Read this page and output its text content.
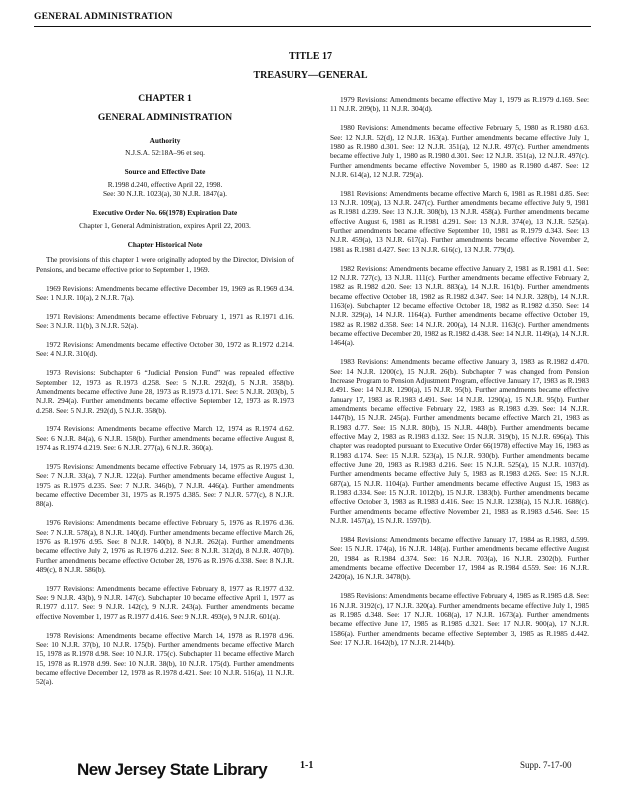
GENERAL ADMINISTRATION
TITLE 17
TREASURY—GENERAL
CHAPTER 1
GENERAL ADMINISTRATION
Authority
N.J.S.A. 52:18A–96 et seq.
Source and Effective Date
R.1998 d.240, effective April 22, 1998.
See: 30 N.J.R. 1023(a), 30 N.J.R. 1847(a).
Executive Order No. 66(1978) Expiration Date
Chapter 1, General Administration, expires April 22, 2003.
Chapter Historical Note

The provisions of this chapter 1 were originally adopted by the Director, Division of Pensions, and became effective prior to September 1, 1969.

1969 Revisions: Amendments became effective December 19, 1969 as R.1969 d.34. See: 1 N.J.R. 10(a), 2 N.J.R. 7(a).

1971 Revisions: Amendments became effective February 1, 1971 as R.1971 d.16. See: 3 N.J.R. 11(b), 3 N.J.R. 52(a).

1972 Revisions: Amendments became effective October 30, 1972 as R.1972 d.214. See: 4 N.J.R. 310(d).

1973 Revisions: Subchapter 6 “Judicial Pension Fund” was repealed effective September 12, 1973 as R.1973 d.258. See: 5 N.J.R. 292(d), 5 N.J.R. 358(b). Amendments became effective June 28, 1973 as R.1973 d.171. See: 5 N.J.R. 203(b), 5 N.J.R. 294(a). Further amendments became effective September 12, 1973 as R.1973 d.258. See: 5 N.J.R. 292(d), 5 N.J.R. 358(b).

1974 Revisions: Amendments became effective March 12, 1974 as R.1974 d.62. See: 6 N.J.R. 84(a), 6 N.J.R. 158(b). Further amendments became effective August 8, 1974 as R.1974 d.219. See: 6 N.J.R. 277(a), 6 N.J.R. 360(a).

1975 Revisions: Amendments became effective February 14, 1975 as R.1975 d.30. See: 7 N.J.R. 33(a), 7 N.J.R. 122(a). Further amendments became effective August 1, 1975 as R.1975 d.235. See: 7 N.J.R. 346(b), 7 N.J.R. 446(a). Further amendments became effective December 31, 1975 as R.1975 d.385. See: 7 N.J.R. 577(c), 8 N.J.R. 88(a).

1976 Revisions: Amendments became effective February 5, 1976 as R.1976 d.36. See: 7 N.J.R. 578(a), 8 N.J.R. 140(d). Further amendments became effective March 26, 1976 as R.1976 d.95. See: 8 N.J.R. 140(b), 8 N.J.R. 262(a). Further amendments became effective July 2, 1976 as R.1976 d.212. See: 8 N.J.R. 312(d), 8 N.J.R. 407(b). Further amendments became effective October 28, 1976 as R.1976 d.338. See: 8 N.J.R. 489(c), 8 N.J.R. 586(b).

1977 Revisions: Amendments became effective February 8, 1977 as R.1977 d.32. See: 9 N.J.R. 43(b), 9 N.J.R. 147(c). Subchapter 10 became effective April 1, 1977 as R.1977 d.117. See: 9 N.J.R. 142(c), 9 N.J.R. 243(a). Further amendments became effective November 1, 1977 as R.1977 d.416. See: 9 N.J.R. 493(e), 9 N.J.R. 601(a).

1978 Revisions: Amendments became effective March 14, 1978 as R.1978 d.96. See: 10 N.J.R. 37(b), 10 N.J.R. 175(b). Further amendments became effective March 15, 1978 as R.1978 d.98. See: 10 N.J.R. 175(c). Subchapter 11 became effective March 15, 1978 as R.1978 d.99. See: 10 N.J.R. 38(b), 10 N.J.R. 175(d). Further amendments became effective December 12, 1978 as R.1978 d.421. See: 10 N.J.R. 516(a), 11 N.J.R. 52(a).

1979 Revisions: Amendments became effective May 1, 1979 as R.1979 d.169. See: 11 N.J.R. 209(b), 11 N.J.R. 304(d).

1980 Revisions: Amendments became effective February 5, 1980 as R.1980 d.63. See: 12 N.J.R. 52(d), 12 N.J.R. 163(a). Further amendments became effective July 1, 1980 as R.1980 d.301. See: 12 N.J.R. 351(a), 12 N.J.R. 497(c). Further amendments became effective July 1, 1980 as R.1980 d.301. See: 12 N.J.R. 351(a), 12 N.J.R. 497(c). Further amendments became effective November 5, 1980 as R.1980 d.487. See: 12 N.J.R. 614(a), 12 N.J.R. 729(a).

1981 Revisions: Amendments became effective March 6, 1981 as R.1981 d.85. See: 13 N.J.R. 109(a), 13 N.J.R. 247(c). Further amendments became effective July 9, 1981 as R.1981 d.239. See: 13 N.J.R. 308(b), 13 N.J.R. 458(a). Further amendments became effective August 6, 1981 as R.1981 d.291. See: 13 N.J.R. 374(e), 13 N.J.R. 525(a). Further amendments became effective September 10, 1981 as R.1979 d.343. See: 13 N.J.R. 459(a), 13 N.J.R. 617(a). Further amendments became effective November 2, 1981 as R.1981 d.427. See: 13 N.J.R. 616(c), 13 N.J.R. 779(d).

1982 Revisions: Amendments became effective January 2, 1981 as R.1981 d.1. See: 12 N.J.R. 727(c), 13 N.J.R. 111(c). Further amendments became effective February 2, 1982 as R.1982 d.20. See: 13 N.J.R. 883(a), 14 N.J.R. 161(b). Further amendments became effective October 18, 1982 as R.1982 d.347. See: 14 N.J.R. 328(b), 14 N.J.R. 1163(e). Subchapter 12 became effective October 18, 1982 as R.1982 d.350. See: 14 N.J.R. 329(a), 14 N.J.R. 1164(a). Further amendments became effective October 19, 1982 as R.1982 d.358. See: 14 N.J.R. 200(a), 14 N.J.R. 1163(c). Further amendments became effective December 20, 1982 as R.1982 d.438. See: 14 N.J.R. 1149(a), 14 N.J.R. 1464(a).

1983 Revisions: Amendments became effective January 3, 1983 as R.1982 d.470. See: 14 N.J.R. 1200(c), 15 N.J.R. 26(b). Subchapter 7 was changed from Pension Increase Program to Pension Adjustment Program, effective January 17, 1983 as R.1983 d.491. See: 14 N.J.R. 1290(a), 15 N.J.R. 95(b). Further amendments became effective January 17, 1983 as R.1983 d.491. See: 14 N.J.R. 1290(a), 15 N.J.R. 95(b). Further amendments became effective February 22, 1983 as R.1983 d.39. See: 14 N.J.R. 1447(b), 15 N.J.R. 245(a). Further amendments became effective March 21, 1983 as R.1983 d.77. See: 15 N.J.R. 80(b), 15 N.J.R. 448(b). Further amendments became effective May 2, 1983 as R.1983 d.132. See: 15 N.J.R. 319(b), 15 N.J.R. 696(a). This chapter was readopted pursuant to Executive Order 66(1978) effective May 16, 1983 as R.1983 d.174. See: 15 N.J.R. 523(a), 15 N.J.R. 930(b). Further amendments became effective June 20, 1983 as R.1983 d.216. See: 15 N.J.R. 525(a), 15 N.J.R. 1037(d). Further amendments became effective July 5, 1983 as R.1983 d.265. See: 15 N.J.R. 687(a), 15 N.J.R. 1104(a). Further amendments became effective August 15, 1983 as R.1983 d.334. See: 15 N.J.R. 1012(b), 15 N.J.R. 1383(b). Further amendments became effective October 3, 1983 as R.1983 d.416. See: 15 N.J.R. 1238(a), 15 N.J.R. 1688(c). Further amendments became effective November 21, 1983 as R.1983 d.546. See: 15 N.J.R. 1457(a), 15 N.J.R. 1597(b).

1984 Revisions: Amendments became effective January 17, 1984 as R.1983, d.599. See: 15 N.J.R. 174(a), 16 N.J.R. 148(a). Further amendments became effective August 20, 1984 as R.1984 d.374. See: 16 N.J.R. 703(a), 16 N.J.R. 2302(b). Further amendments became effective December 17, 1984 as R.1984 d.559. See: 16 N.J.R. 2420(a), 16 N.J.R. 3478(b).

1985 Revisions: Amendments became effective February 4, 1985 as R.1985 d.8. See: 16 N.J.R. 3192(c), 17 N.J.R. 320(a). Further amendments became effective July 1, 1985 as R.1985 d.348. See: 17 N.J.R. 1068(a), 17 N.J.R. 1673(a). Further amendments became effective June 17, 1985 as R.1985 d.321. See: 17 N.J.R. 900(a), 17 N.J.R. 1586(a). Further amendments became effective September 3, 1985 as R.1985 d.442. See: 17 N.J.R. 1642(b), 17 N.J.R. 2144(b).

New Jersey State Library	1-1	Supp. 7-17-00
